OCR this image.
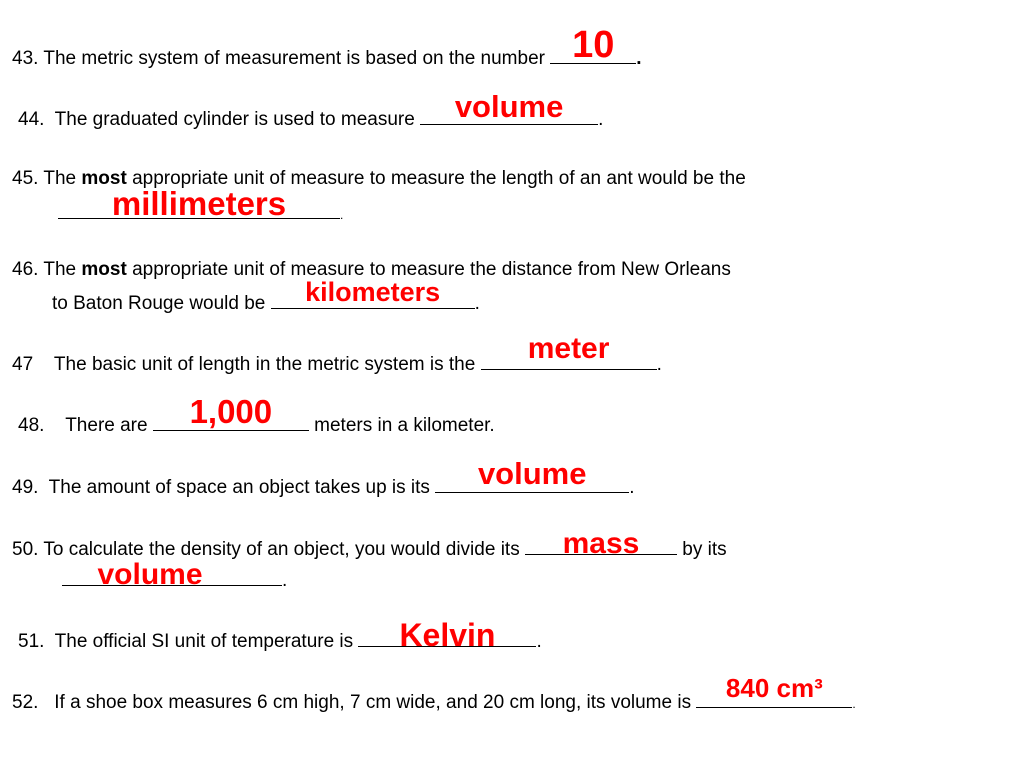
43. The metric system of measurement is based on the number 10 .
44. The graduated cylinder is used to measure volume .
45. The most appropriate unit of measure to measure the length of an ant would be the
millimeters	.
46. The most appropriate unit of measure to measure the distance from New Orleans
to Baton Rouge would be kilometers .
47 The basic unit of length in the metric system is the meter .
48. There are 1,000 meters in a kilometer.
49. The amount of space an object takes up is its volume .
50. To calculate the density of an object, you would divide its mass by its
volume	.
51. The official SI unit of temperature is Kelvin .
52. If a shoe box measures 6 cm high, 7 cm wide, and 20 cm long, its volume is 840 cm³
.
